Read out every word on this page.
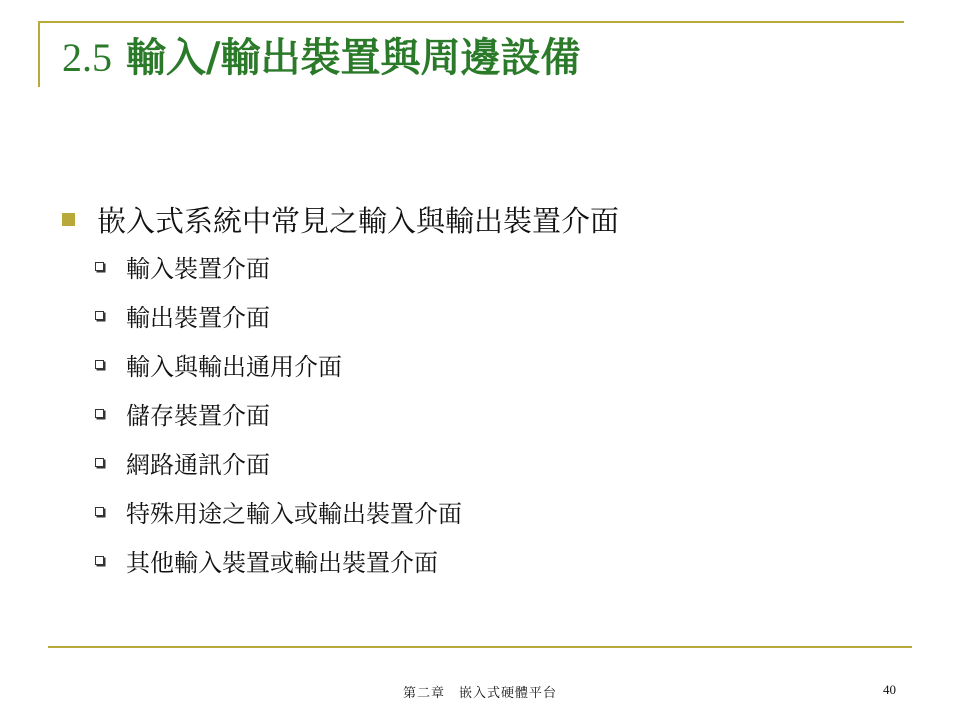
2.5 輸入/輸出裝置與周邊設備
嵌入式系統中常見之輸入與輸出裝置介面
輸入裝置介面
輸出裝置介面
輸入與輸出通用介面
儲存裝置介面
網路通訊介面
特殊用途之輸入或輸出裝置介面
其他輸入裝置或輸出裝置介面
第二章　嵌入式硬體平台	40
